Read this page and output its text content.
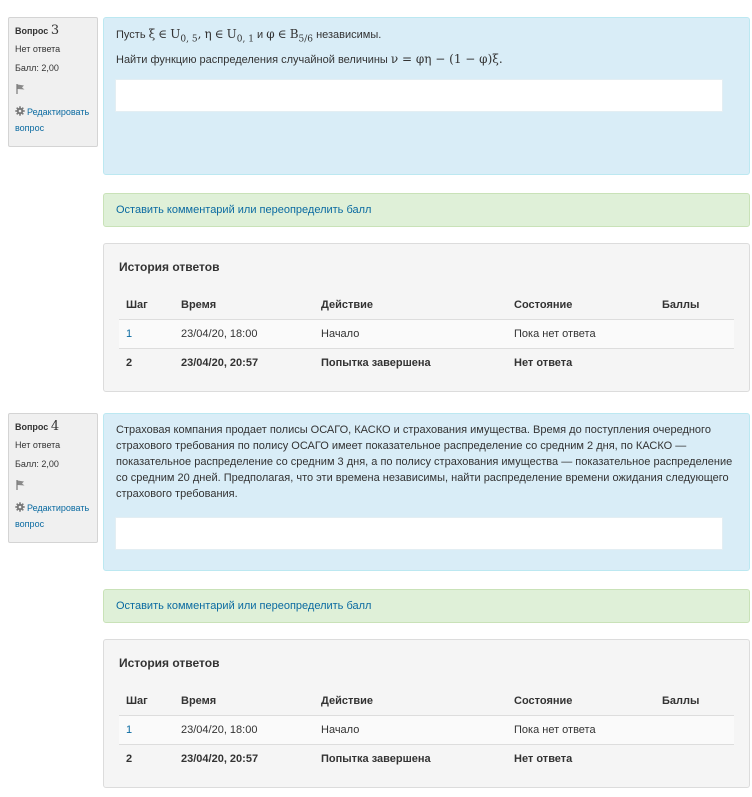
Вопрос 3
Нет ответа
Балл: 2,00
Редактировать вопрос

Пусть ξ ∈ $U_{0, 5}$, η ∈ $U_{0, 1}$ и φ ∈ $B_{5/6}$ независимы.

Найти функцию распределения случайной величины ν = φη − (1 − φ)ξ.

Оставить комментарий или переопределить балл
История ответов
Шаг	Время	Действие	Состояние	Баллы
1	23/04/20, 18:00	Начало	Пока нет ответа	
2	23/04/20, 20:57	Попытка завершена	Нет ответа	
Вопрос 4
Нет ответа
Балл: 2,00
Редактировать вопрос

Страховая компания продает полисы ОСАГО, КАСКО и страхования имущества. Время до поступления очередного страхового требования по полису ОСАГО имеет показательное распределение со средним 2 дня, по КАСКО — показательное распределение со средним 3 дня, а по полису страхования имущества — показательное распределение со средним 20 дней. Предполагая, что эти времена независимы, найти распределение времени ожидания следующего страхового требования.

Оставить комментарий или переопределить балл
История ответов
Шаг	Время	Действие	Состояние	Баллы
1	23/04/20, 18:00	Начало	Пока нет ответа	
2	23/04/20, 20:57	Попытка завершена	Нет ответа	
